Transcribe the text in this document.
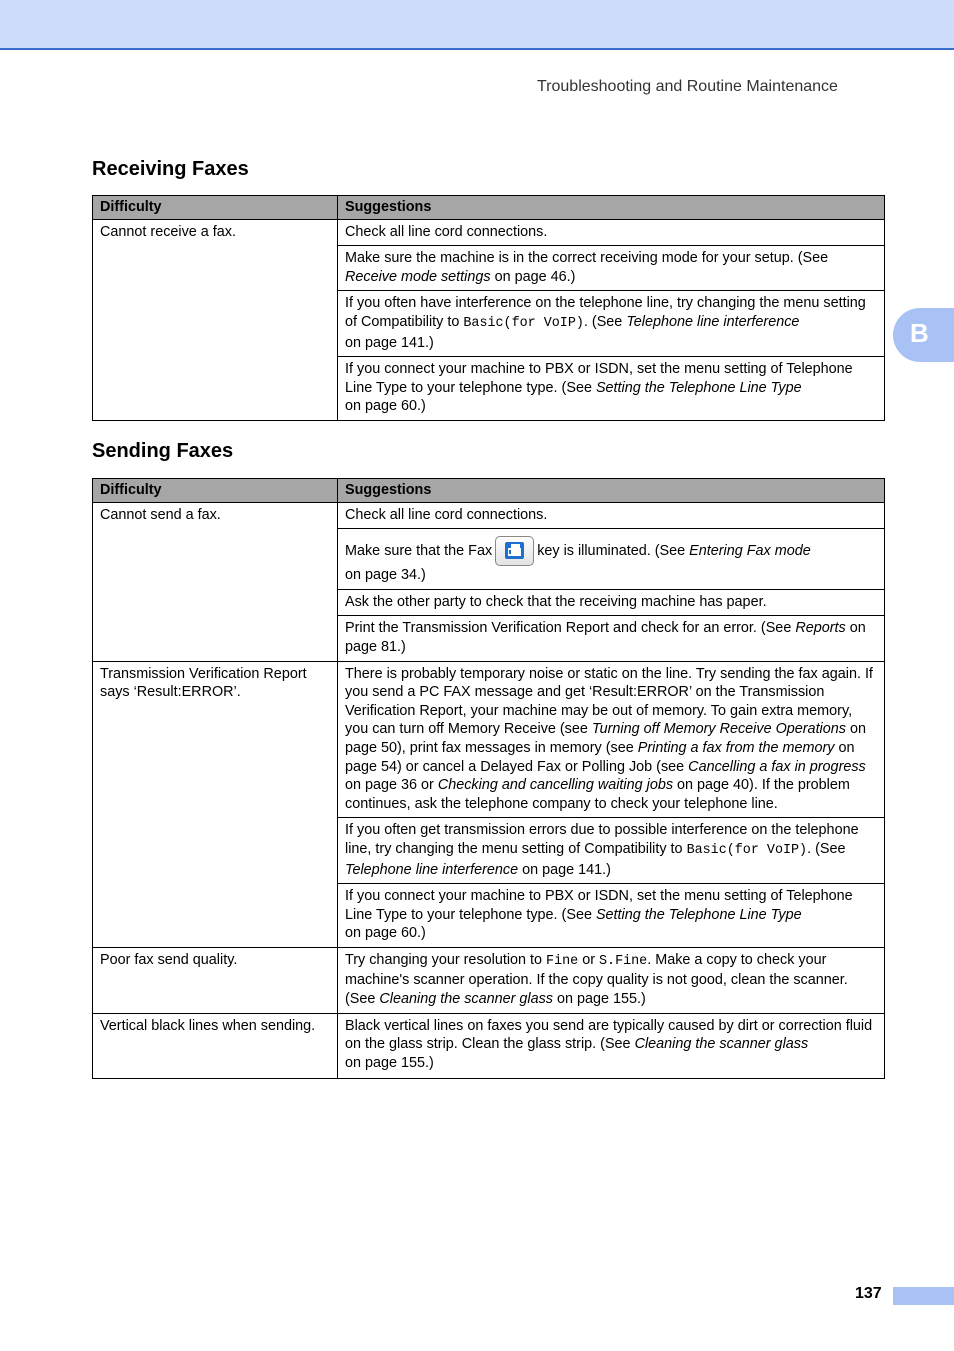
Troubleshooting and Routine Maintenance
B
Receiving Faxes
Difficulty	Suggestions
Cannot receive a fax.	Check all line cord connections.
	Make sure the machine is in the correct receiving mode for your setup. (See Receive mode settings on page 46.)
	If you often have interference on the telephone line, try changing the menu setting of Compatibility to Basic(for VoIP). (See Telephone line interference
on page 141.)
	If you connect your machine to PBX or ISDN, set the menu setting of Telephone Line Type to your telephone type. (See Setting the Telephone Line Type
on page 60.)
Sending Faxes
Difficulty	Suggestions
Cannot send a fax.	Check all line cord connections.
	Make sure that the Fax key is illuminated. (See Entering Fax mode
on page 34.)
	Ask the other party to check that the receiving machine has paper.
	Print the Transmission Verification Report and check for an error. (See Reports on page 81.)
Transmission Verification Report says ‘Result:ERROR’.	There is probably temporary noise or static on the line. Try sending the fax again. If you send a PC FAX message and get ‘Result:ERROR’ on the Transmission Verification Report, your machine may be out of memory. To gain extra memory, you can turn off Memory Receive (see Turning off Memory Receive Operations on page 50), print fax messages in memory (see Printing a fax from the memory on page 54) or cancel a Delayed Fax or Polling Job (see Cancelling a fax in progress on page 36 or Checking and cancelling waiting jobs on page 40). If the problem continues, ask the telephone company to check your telephone line.
	If you often get transmission errors due to possible interference on the telephone line, try changing the menu setting of Compatibility to Basic(for VoIP). (See Telephone line interference on page 141.)
	If you connect your machine to PBX or ISDN, set the menu setting of Telephone Line Type to your telephone type. (See Setting the Telephone Line Type
on page 60.)
Poor fax send quality.	Try changing your resolution to Fine or S.Fine. Make a copy to check your machine's scanner operation. If the copy quality is not good, clean the scanner. (See Cleaning the scanner glass on page 155.)
Vertical black lines when sending.	Black vertical lines on faxes you send are typically caused by dirt or correction fluid on the glass strip. Clean the glass strip. (See Cleaning the scanner glass
on page 155.)
137
